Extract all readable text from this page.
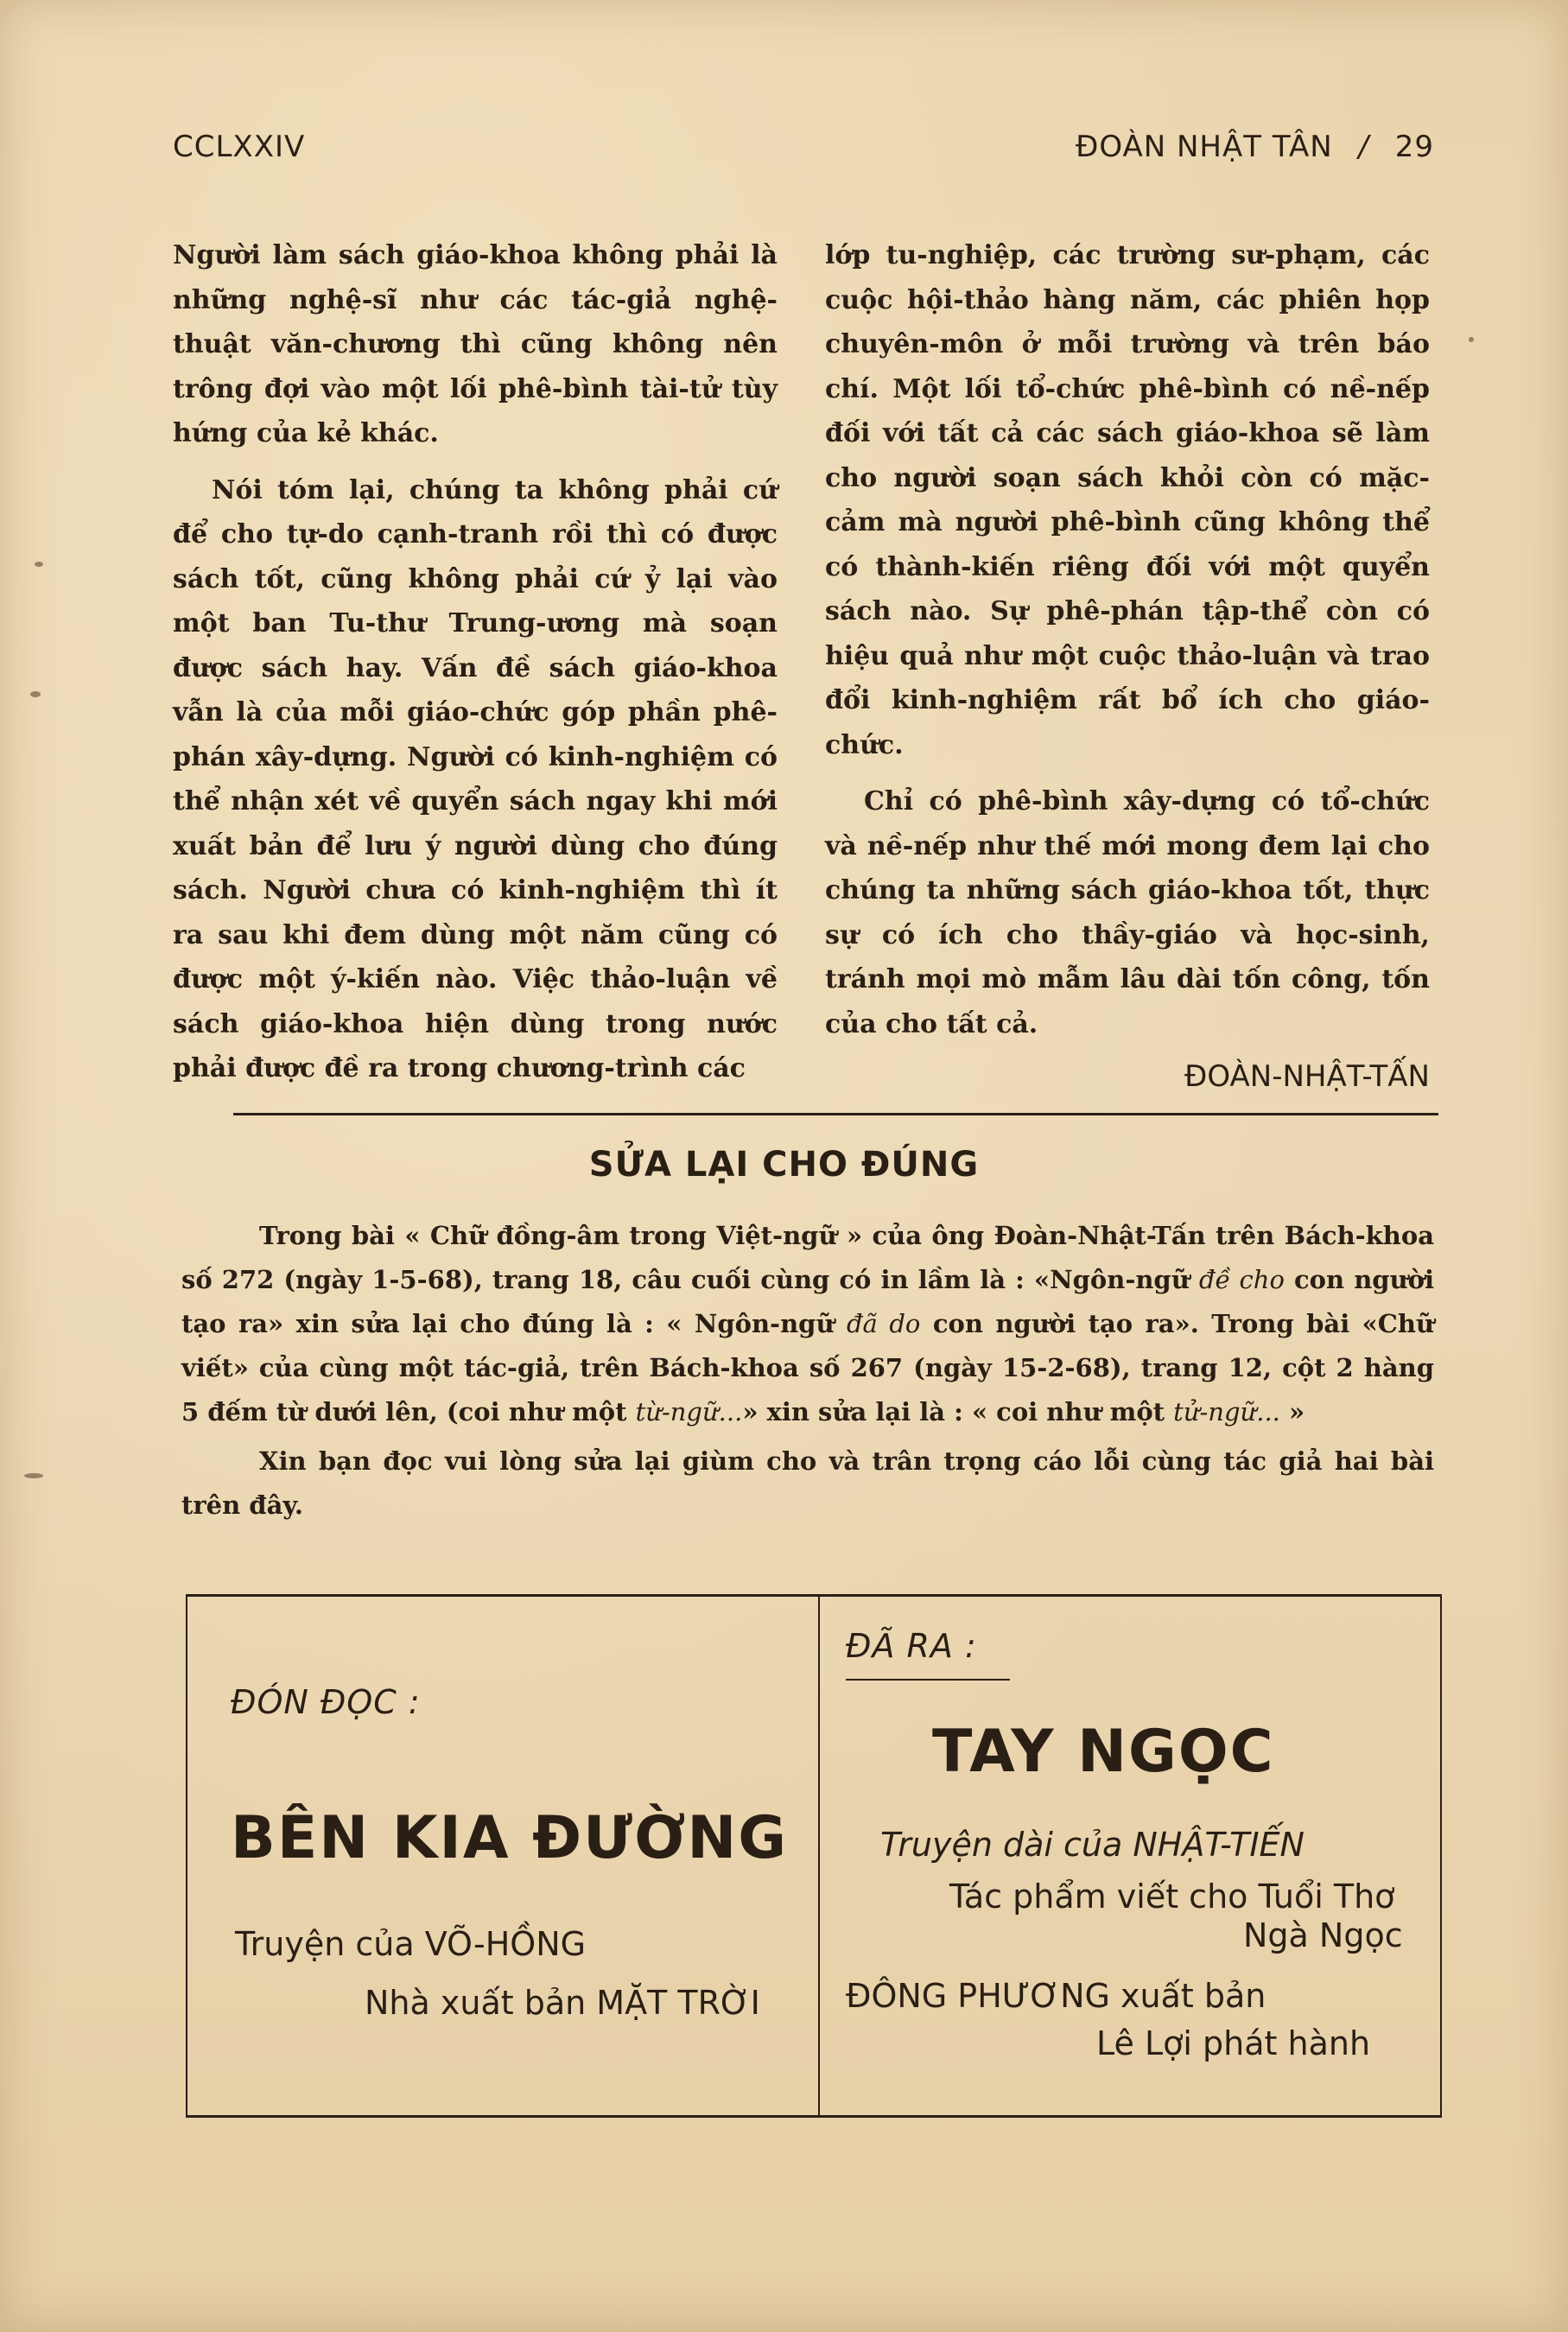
CCLXXIV	ĐOÀN NHẬT TÂN / 29

Người làm sách giáo-khoa không phải là những nghệ-sĩ như các tác-giả nghệ-thuật văn-chương thì cũng không nên trông đợi vào một lối phê-bình tài-tử tùy hứng của kẻ khác.

Nói tóm lại, chúng ta không phải cứ để cho tự-do cạnh-tranh rồi thì có được sách tốt, cũng không phải cứ ỷ lại vào một ban Tu-thư Trung-ương mà soạn được sách hay. Vấn đề sách giáo-khoa vẫn là của mỗi giáo-chức góp phần phê-phán xây-dựng. Người có kinh-nghiệm có thể nhận xét về quyển sách ngay khi mới xuất bản để lưu ý người dùng cho đúng sách. Người chưa có kinh-nghiệm thì ít ra sau khi đem dùng một năm cũng có được một ý-kiến nào. Việc thảo-luận về sách giáo-khoa hiện dùng trong nước phải được đề ra trong chương-trình các

lớp tu-nghiệp, các trường sư-phạm, các cuộc hội-thảo hàng năm, các phiên họp chuyên-môn ở mỗi trường và trên báo chí. Một lối tổ-chức phê-bình có nề-nếp đối với tất cả các sách giáo-khoa sẽ làm cho người soạn sách khỏi còn có mặc-cảm mà người phê-bình cũng không thể có thành-kiến riêng đối với một quyển sách nào. Sự phê-phán tập-thể còn có hiệu quả như một cuộc thảo-luận và trao đổi kinh-nghiệm rất bổ ích cho giáo-chức.

Chỉ có phê-bình xây-dựng có tổ-chức và nề-nếp như thế mới mong đem lại cho chúng ta những sách giáo-khoa tốt, thực sự có ích cho thầy-giáo và học-sinh, tránh mọi mò mẫm lâu dài tốn công, tốn của cho tất cả.

ĐOÀN-NHẬT-TẤN
SỬA LẠI CHO ĐÚNG

Trong bài « Chữ đồng-âm trong Việt-ngữ » của ông Đoàn-Nhật-Tấn trên Bách-khoa số 272 (ngày 1-5-68), trang 18, câu cuối cùng có in lầm là : «Ngôn-ngữ đề cho con người tạo ra» xin sửa lại cho đúng là : « Ngôn-ngữ đã do con người tạo ra». Trong bài «Chữ viết» của cùng một tác-giả, trên Bách-khoa số 267 (ngày 15-2-68), trang 12, cột 2 hàng 5 đếm từ dưới lên, (coi như một từ-ngữ...» xin sửa lại là : « coi như một tử-ngữ... »

Xin bạn đọc vui lòng sửa lại giùm cho và trân trọng cáo lỗi cùng tác giả hai bài trên đây.

ĐÓN ĐỌC :
BÊN KIA ĐƯỜNG
Truyện của VÕ-HỒNG
Nhà xuất bản MẶT TRỜI
ĐÃ RA :
TAY NGỌC
Truyện dài của NHẬT-TIẾN
Tác phẩm viết cho Tuổi Thơ
Ngà Ngọc
ĐÔNG PHƯƠNG xuất bản
Lê Lợi phát hành
